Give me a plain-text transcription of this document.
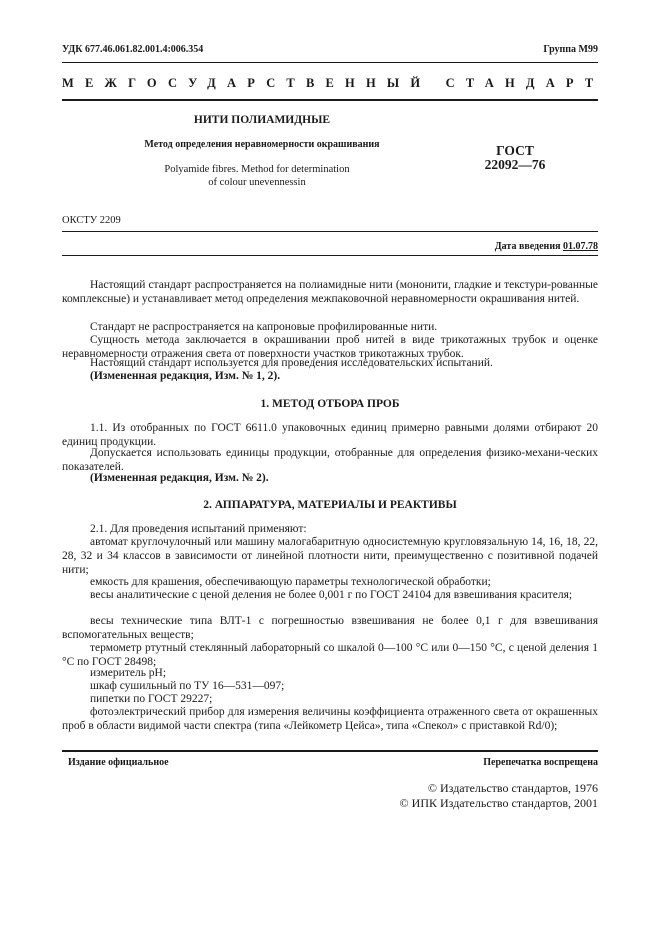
УДК 677.46.061.82.001.4:006.354	Группа М99
МЕЖГОСУДАРСТВЕННЫЙ СТАНДАРТ
НИТИ ПОЛИАМИДНЫЕ
Метод определения неравномерности окрашивания
Polyamide fibres. Method for determination
of colour unevennessin
ГОСТ
22092—76
ОКСТУ 2209
Дата введения 01.07.78
Настоящий стандарт распространяется на полиамидные нити (мононити, гладкие и текстури-рованные комплексные) и устанавливает метод определения межпаковочной неравномерности окрашивания нитей.
Стандарт не распространяется на капроновые профилированные нити.
Сущность метода заключается в окрашивании проб нитей в виде трикотажных трубок и оценке неравномерности отражения света от поверхности участков трикотажных трубок.
Настоящий стандарт используется для проведения исследовательских испытаний.
(Измененная редакция, Изм. № 1, 2).
1. МЕТОД ОТБОРА ПРОБ
1.1. Из отобранных по ГОСТ 6611.0 упаковочных единиц примерно равными долями отбирают 20 единиц продукции.
Допускается использовать единицы продукции, отобранные для определения физико-механи-ческих показателей.
(Измененная редакция, Изм. № 2).
2. АППАРАТУРА, МАТЕРИАЛЫ И РЕАКТИВЫ
2.1. Для проведения испытаний применяют:
автомат круглочулочный или машину малогабаритную односистемную кругловязальную 14, 16, 18, 22, 28, 32 и 34 классов в зависимости от линейной плотности нити, преимущественно с позитивной подачей нити;
емкость для крашения, обеспечивающую параметры технологической обработки;
весы аналитические с ценой деления не более 0,001 г по ГОСТ 24104 для взвешивания красителя;
весы технические типа ВЛТ-1 с погрешностью взвешивания не более 0,1 г для взвешивания вспомогательных веществ;
термометр ртутный стеклянный лабораторный со шкалой 0—100 °С или 0—150 °С, с ценой деления 1 °С по ГОСТ 28498;
измеритель рН;
шкаф сушильный по ТУ 16—531—097;
пипетки по ГОСТ 29227;
фотоэлектрический прибор для измерения величины коэффициента отраженного света от окрашенных проб в области видимой части спектра (типа «Лейкометр Цейса», типа «Спекол» с приставкой Rd/0);
Издание официальное	Перепечатка воспрещена
© Издательство стандартов, 1976
© ИПК Издательство стандартов, 2001
